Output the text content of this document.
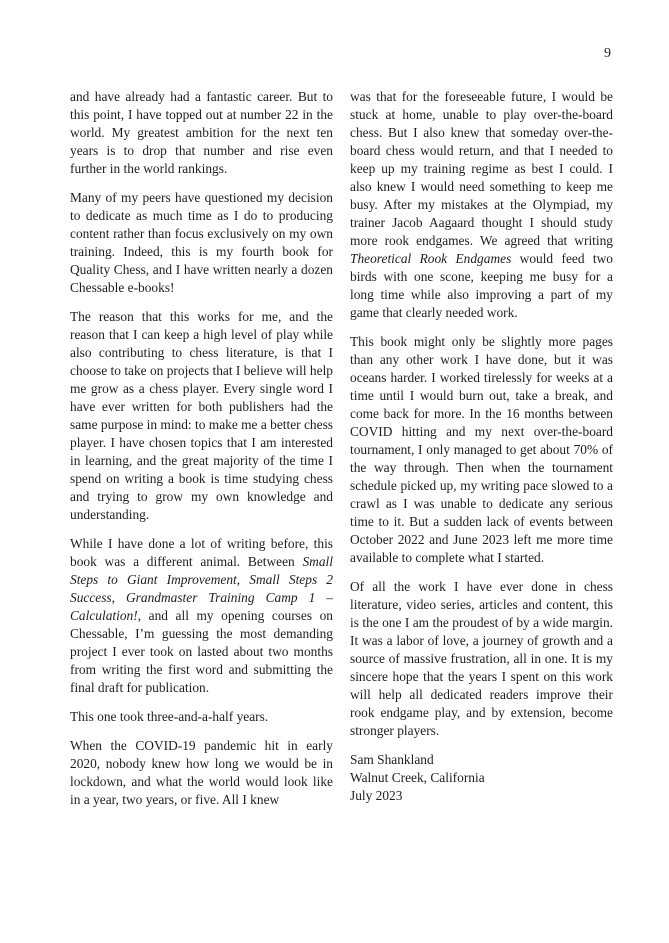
9

and have already had a fantastic career. But to this point, I have topped out at number 22 in the world. My greatest ambition for the next ten years is to drop that number and rise even further in the world rankings.

Many of my peers have questioned my decision to dedicate as much time as I do to producing content rather than focus exclusively on my own training. Indeed, this is my fourth book for Quality Chess, and I have written nearly a dozen Chessable e-books!

The reason that this works for me, and the reason that I can keep a high level of play while also contributing to chess literature, is that I choose to take on projects that I believe will help me grow as a chess player. Every single word I have ever written for both publishers had the same purpose in mind: to make me a better chess player. I have chosen topics that I am interested in learning, and the great majority of the time I spend on writing a book is time studying chess and trying to grow my own knowledge and understanding.

While I have done a lot of writing before, this book was a different animal. Between Small Steps to Giant Improvement, Small Steps 2 Success, Grandmaster Training Camp 1 – Calculation!, and all my opening courses on Chessable, I’m guessing the most demanding project I ever took on lasted about two months from writing the first word and submitting the final draft for publication.

This one took three-and-a-half years.

When the COVID-19 pandemic hit in early 2020, nobody knew how long we would be in lockdown, and what the world would look like in a year, two years, or five. All I knew

was that for the foreseeable future, I would be stuck at home, unable to play over-the-board chess. But I also knew that someday over-the-board chess would return, and that I needed to keep up my training regime as best I could. I also knew I would need something to keep me busy. After my mistakes at the Olympiad, my trainer Jacob Aagaard thought I should study more rook endgames. We agreed that writing Theoretical Rook Endgames would feed two birds with one scone, keeping me busy for a long time while also improving a part of my game that clearly needed work.

This book might only be slightly more pages than any other work I have done, but it was oceans harder. I worked tirelessly for weeks at a time until I would burn out, take a break, and come back for more. In the 16 months between COVID hitting and my next over-the-board tournament, I only managed to get about 70% of the way through. Then when the tournament schedule picked up, my writing pace slowed to a crawl as I was unable to dedicate any serious time to it. But a sudden lack of events between October 2022 and June 2023 left me more time available to complete what I started.

Of all the work I have ever done in chess literature, video series, articles and content, this is the one I am the proudest of by a wide margin. It was a labor of love, a journey of growth and a source of massive frustration, all in one. It is my sincere hope that the years I spent on this work will help all dedicated readers improve their rook endgame play, and by extension, become stronger players.

Sam Shankland
Walnut Creek, California
July 2023
